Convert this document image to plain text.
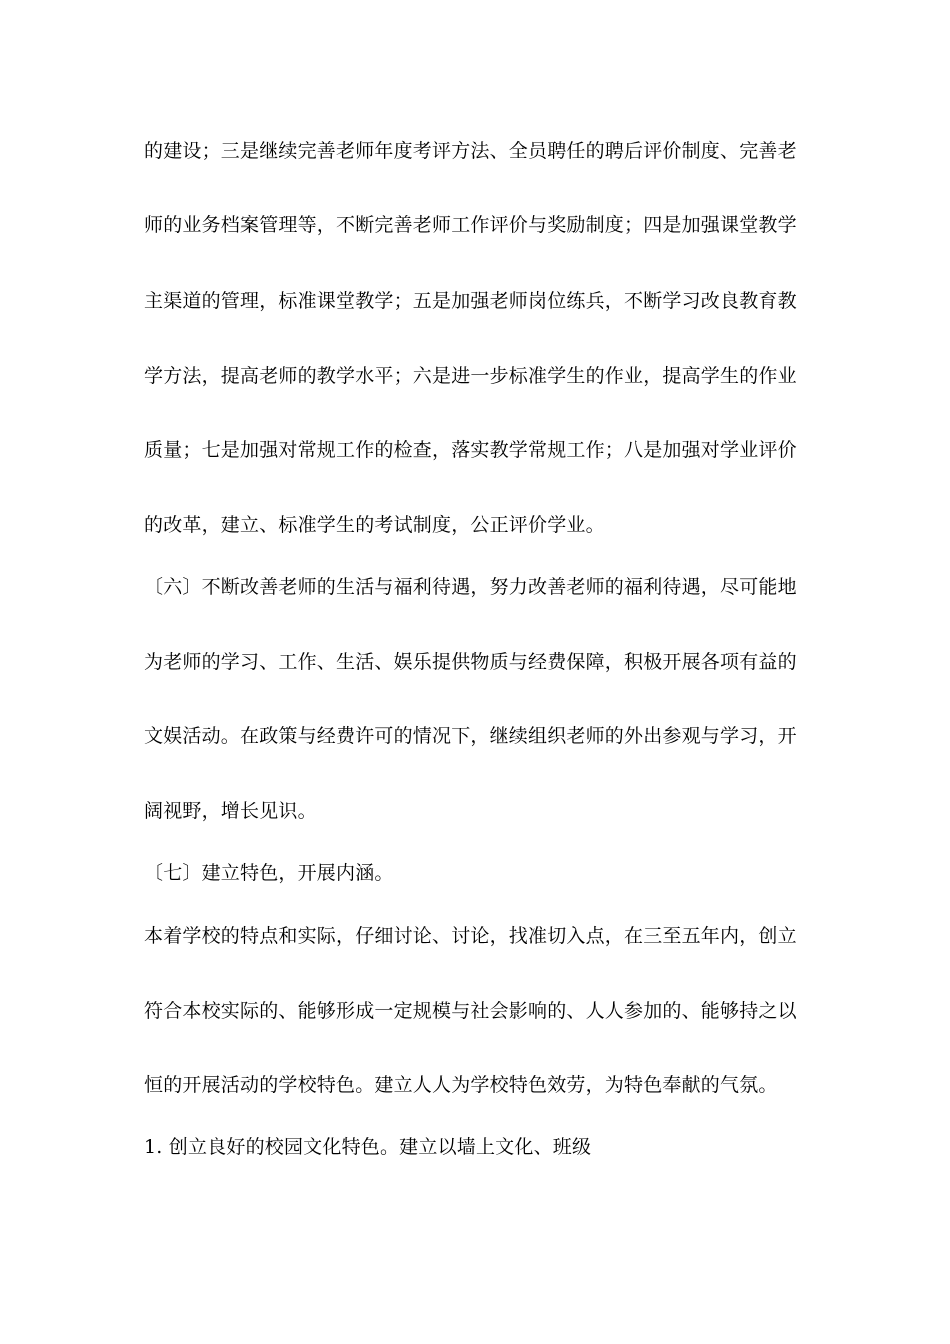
的建设；三是继续完善老师年度考评方法、全员聘任的聘后评价制度、完善老
师的业务档案管理等，不断完善老师工作评价与奖励制度；四是加强课堂教学
主渠道的管理，标准课堂教学；五是加强老师岗位练兵，不断学习改良教育教
学方法，提高老师的教学水平；六是进一步标准学生的作业，提高学生的作业
质量；七是加强对常规工作的检查，落实教学常规工作；八是加强对学业评价
的改革，建立、标准学生的考试制度，公正评价学业。
〔六〕不断改善老师的生活与福利待遇，努力改善老师的福利待遇，尽可能地
为老师的学习、工作、生活、娱乐提供物质与经费保障，积极开展各项有益的
文娱活动。在政策与经费许可的情况下，继续组织老师的外出参观与学习，开
阔视野，增长见识。
〔七〕建立特色，开展内涵。
本着学校的特点和实际，仔细讨论、讨论，找准切入点，在三至五年内，创立
符合本校实际的、能够形成一定规模与社会影响的、人人参加的、能够持之以
恒的开展活动的学校特色。建立人人为学校特色效劳，为特色奉献的气氛。
1. 创立良好的校园文化特色。建立以墙上文化、班级
